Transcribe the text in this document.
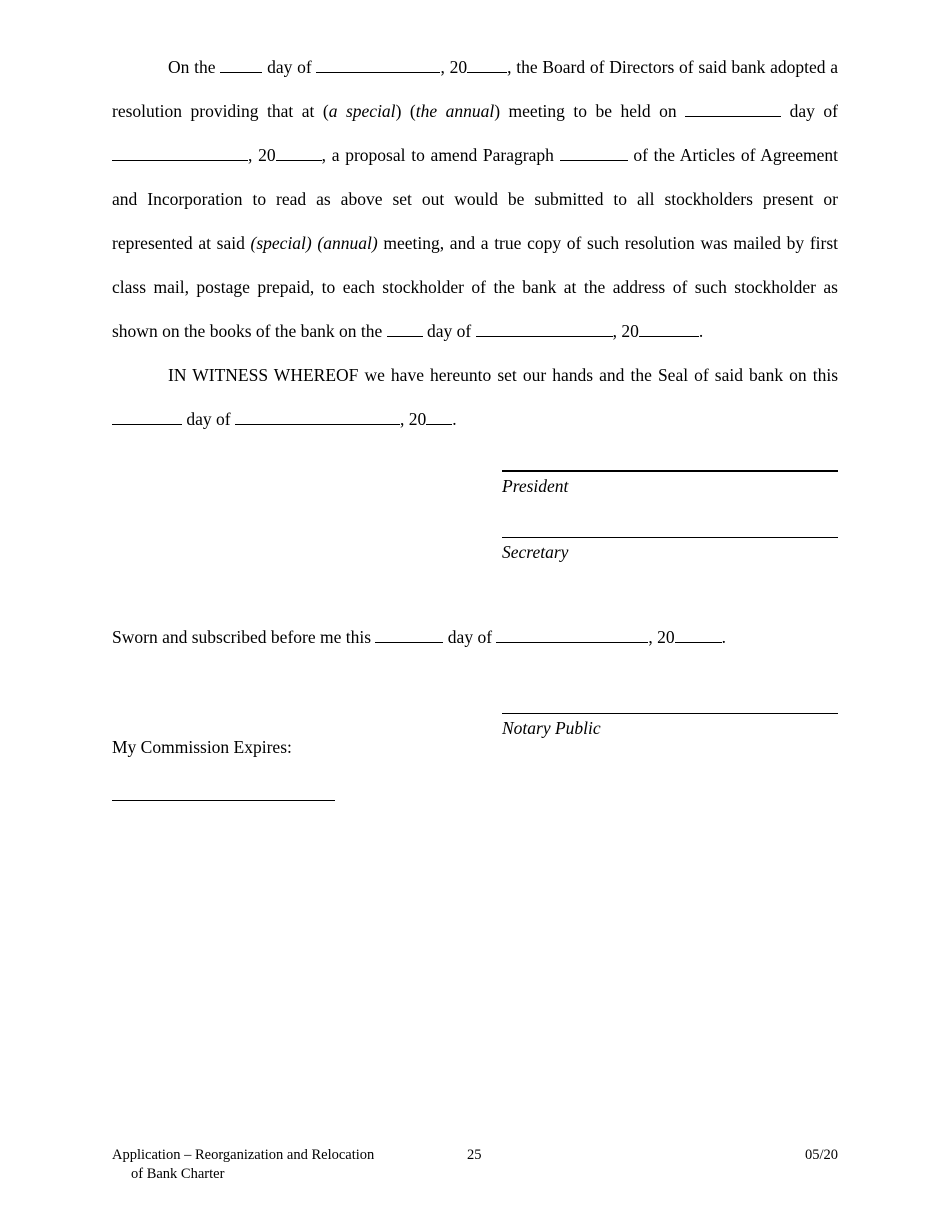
On the	day of	, 20 , the Board of Directors of said bank adopted a resolution providing that at (a special) (the annual) meeting to be held on	day of , 20	, a proposal to amend Paragraph	of the Articles of Agreement and Incorporation to read as above set out would be submitted to all stockholders present or represented at said (special) (annual) meeting, and a true copy of such resolution was mailed by first class mail, postage prepaid, to each stockholder of the bank at the address of such stockholder as shown on the books of the bank on the	day of	, 20	.

IN WITNESS WHEREOF we have hereunto set our hands and the Seal of said bank on this  day of	, 20 .

President
Secretary
Sworn and subscribed before me this	day of	, 20	.
Notary Public
My Commission Expires:
Application – Reorganization and Relocation
of Bank Charter
25	05/20
